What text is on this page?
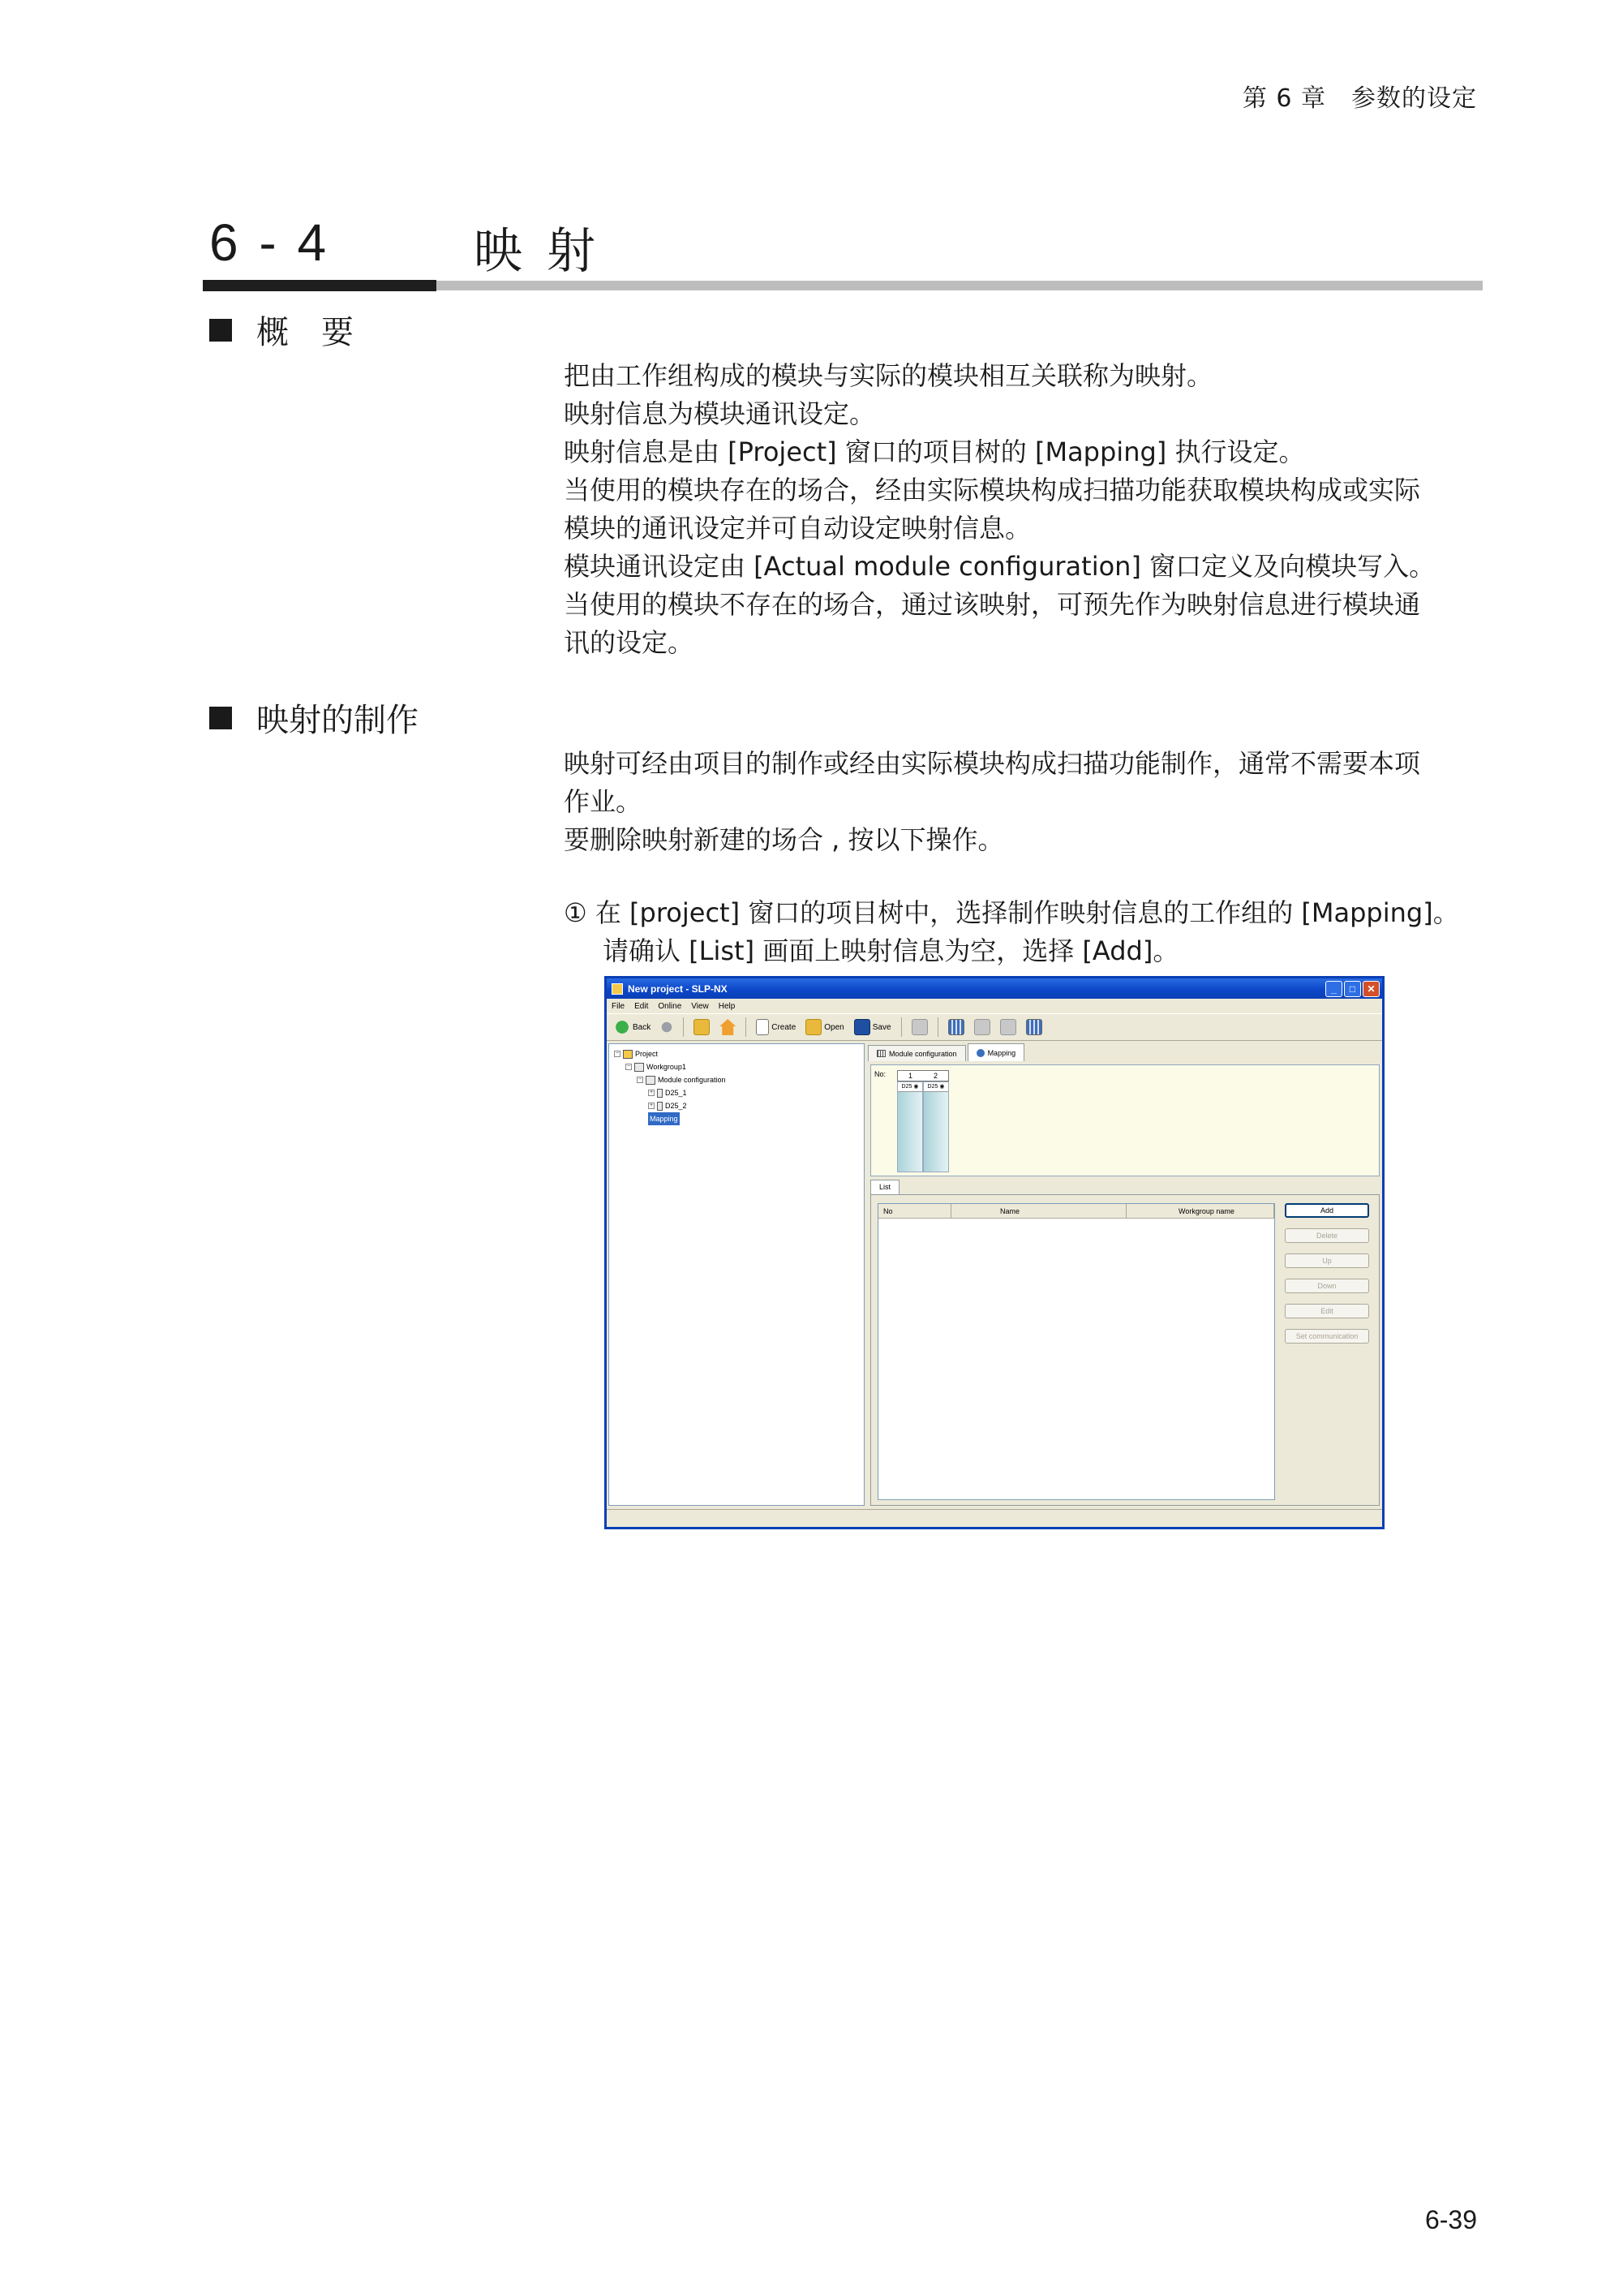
第 6 章　参数的设定
6 - 4	映射
概　要
把由工作组构成的模块与实际的模块相互关联称为映射。
映射信息为模块通讯设定。
映射信息是由 [Project] 窗口的项目树的 [Mapping] 执行设定。
当使用的模块存在的场合，经由实际模块构成扫描功能获取模块构成或实际
模块的通讯设定并可自动设定映射信息。
模块通讯设定由 [Actual module configuration] 窗口定义及向模块写入。
当使用的模块不存在的场合，通过该映射，可预先作为映射信息进行模块通
讯的设定。
映射的制作
映射可经由项目的制作或经由实际模块构成扫描功能制作，通常不需要本项
作业。
要删除映射新建的场合 , 按以下操作。
① 在 [project] 窗口的项目树中，选择制作映射信息的工作组的 [Mapping]。
请确认 [List] 画面上映射信息为空，选择 [Add]。
New project - SLP-NX	_	□	✕
File Edit Online View Help
Back	Create	Open	Save
− Project
− Workgroup1
− Module configuration
+ D25_1
+ D25_2
Mapping
Module configuration	Mapping
No:	1	2
D25 ◉	D25 ◉
List
No	Name	Workgroup name	Add
Delete
Up
Down
Edit
Set communication
6-39
